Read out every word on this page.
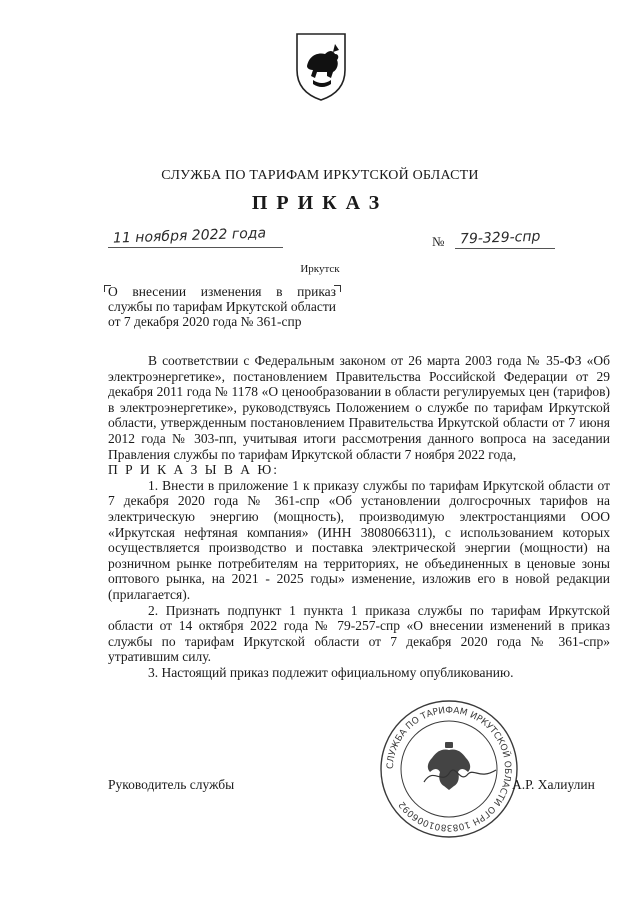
СЛУЖБА ПО ТАРИФАМ ИРКУТСКОЙ ОБЛАСТИ
ПРИКАЗ
11 ноября 2022 года	№ 79-329-спр
Иркутск
О внесении изменения в приказ службы по тарифам Иркутской области от 7 декабря 2020 года № 361-спр

В соответствии с Федеральным законом от 26 марта 2003 года № 35-ФЗ «Об электроэнергетике», постановлением Правительства Российской Федерации от 29 декабря 2011 года № 1178 «О ценообразовании в области регулируемых цен (тарифов) в электроэнергетике», руководствуясь Положением о службе по тарифам Иркутской области, утвержденным постановлением Правительства Иркутской области от 7 июня 2012 года № 303-пп, учитывая итоги рассмотрения данного вопроса на заседании Правления службы по тарифам Иркутской области 7 ноября 2022 года,

П Р И К А З Ы В А Ю:

1. Внести в приложение 1 к приказу службы по тарифам Иркутской области от 7 декабря 2020 года № 361-спр «Об установлении долгосрочных тарифов на электрическую энергию (мощность), производимую электростанциями ООО «Иркутская нефтяная компания» (ИНН 3808066311), с использованием которых осуществляется производство и поставка электрической энергии (мощности) на розничном рынке потребителям на территориях, не объединенных в ценовые зоны оптового рынка, на 2021 - 2025 годы» изменение, изложив его в новой редакции (прилагается).

2. Признать подпункт 1 пункта 1 приказа службы по тарифам Иркутской области от 14 октября 2022 года № 79-257-спр «О внесении изменений в приказ службы по тарифам Иркутской области от 7 декабря 2020 года № 361-спр» утратившим силу.

3. Настоящий приказ подлежит официальному опубликованию.

СЛУЖБА ПО ТАРИФАМ ИРКУТСКОЙ ОБЛАСТИ ОГРН 1083801006092
Руководитель службы	А.Р. Халиулин
